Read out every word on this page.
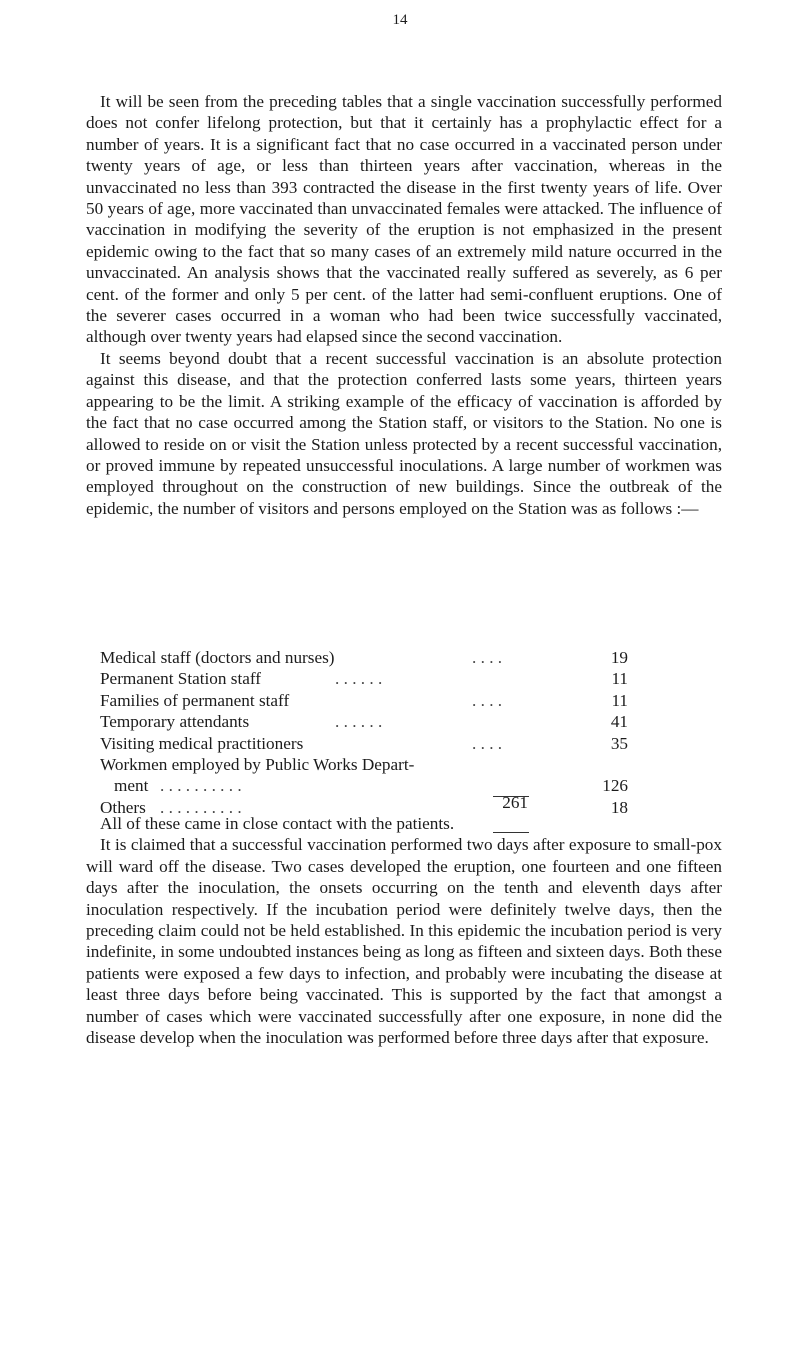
14

It will be seen from the preceding tables that a single vaccination successfully performed does not confer lifelong protection, but that it certainly has a prophylactic effect for a number of years. It is a significant fact that no case occurred in a vaccinated person under twenty years of age, or less than thirteen years after vaccination, whereas in the unvaccinated no less than 393 contracted the disease in the first twenty years of life. Over 50 years of age, more vaccinated than unvaccinated females were attacked. The influence of vaccination in modifying the severity of the eruption is not emphasized in the present epidemic owing to the fact that so many cases of an extremely mild nature occurred in the unvaccinated. An analysis shows that the vaccinated really suffered as severely, as 6 per cent. of the former and only 5 per cent. of the latter had semi-confluent eruptions. One of the severer cases occurred in a woman who had been twice successfully vaccinated, although over twenty years had elapsed since the second vaccination.

It seems beyond doubt that a recent successful vaccination is an absolute protection against this disease, and that the protection conferred lasts some years, thirteen years appearing to be the limit. A striking example of the efficacy of vaccination is afforded by the fact that no case occurred among the Station staff, or visitors to the Station. No one is allowed to reside on or visit the Station unless protected by a recent successful vaccination, or proved immune by repeated unsuccessful inoculations. A large number of workmen was employed throughout on the construction of new buildings. Since the outbreak of the epidemic, the number of visitors and persons employed on the Station was as follows :—

Medical staff (doctors and nurses)	. . . .	19
Permanent Station staff	. . . . . .	11
Families of permanent staff	. . . .	11
Temporary attendants	. . . . . .	41
Visiting medical practitioners	. . . .	35
Workmen employed by Public Works Depart-
ment . . . . . . . . . .	126
Others . . . . . . . . . .	18
261

All of these came in close contact with the patients.

It is claimed that a successful vaccination performed two days after exposure to small-pox will ward off the disease. Two cases developed the eruption, one fourteen and one fifteen days after the inoculation, the onsets occurring on the tenth and eleventh days after inoculation respectively. If the incubation period were definitely twelve days, then the preceding claim could not be held established. In this epidemic the incubation period is very indefinite, in some undoubted instances being as long as fifteen and sixteen days. Both these patients were exposed a few days to infection, and probably were incubating the disease at least three days before being vaccinated. This is supported by the fact that amongst a number of cases which were vaccinated successfully after one exposure, in none did the disease develop when the inoculation was performed before three days after that exposure.
